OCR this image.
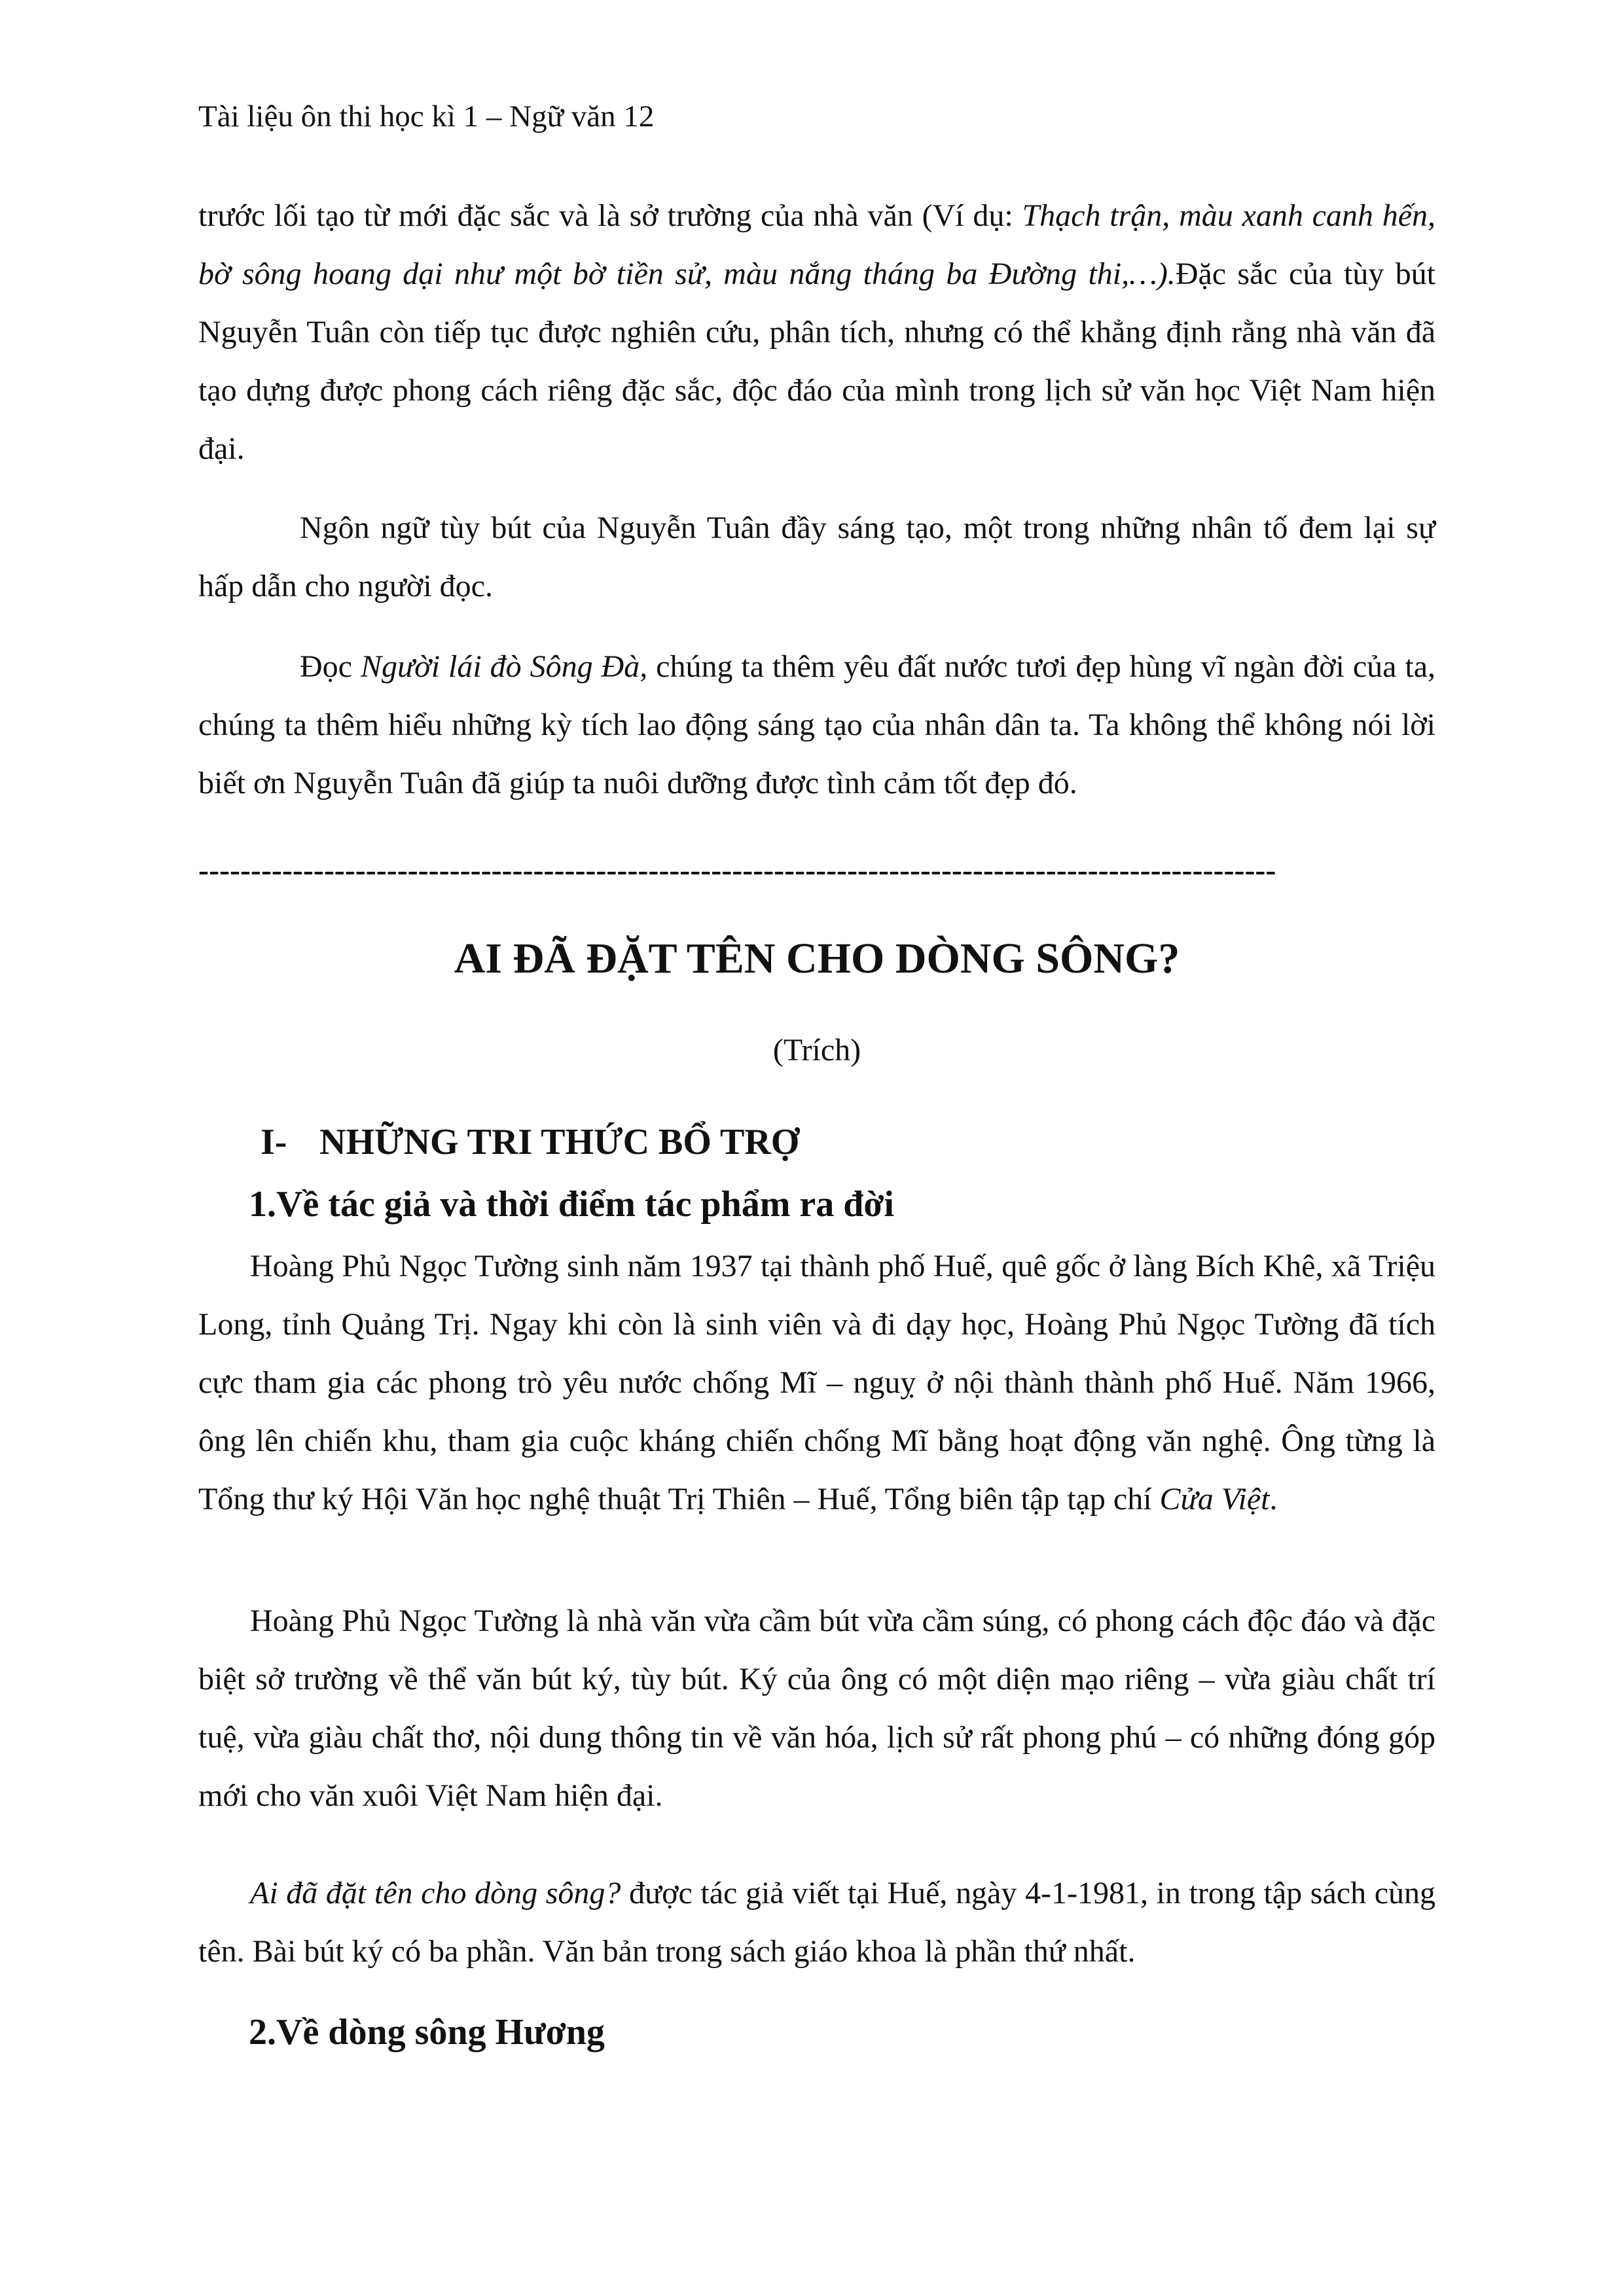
Tài liệu ôn thi học kì 1 – Ngữ văn 12

trước lối tạo từ mới đặc sắc và là sở trường của nhà văn (Ví dụ: Thạch trận, màu xanh canh hến, bờ sông hoang dại như một bờ tiền sử, màu nắng tháng ba Đường thi,…).Đặc sắc của tùy bút Nguyễn Tuân còn tiếp tục được nghiên cứu, phân tích, nhưng có thể khẳng định rằng nhà văn đã tạo dựng được phong cách riêng đặc sắc, độc đáo của mình trong lịch sử văn học Việt Nam hiện đại.

Ngôn ngữ tùy bút của Nguyễn Tuân đầy sáng tạo, một trong những nhân tố đem lại sự hấp dẫn cho người đọc.

Đọc Người lái đò Sông Đà, chúng ta thêm yêu đất nước tươi đẹp hùng vĩ ngàn đời của ta, chúng ta thêm hiểu những kỳ tích lao động sáng tạo của nhân dân ta. Ta không thể không nói lời biết ơn Nguyễn Tuân đã giúp ta nuôi dưỡng được tình cảm tốt đẹp đó.

-------------------------------------------------------------------------------------------------------
AI ĐÃ ĐẶT TÊN CHO DÒNG SÔNG?

(Trích)

I- NHỮNG TRI THỨC BỔ TRỢ
1.Về tác giả và thời điểm tác phẩm ra đời

Hoàng Phủ Ngọc Tường sinh năm 1937 tại thành phố Huế, quê gốc ở làng Bích Khê, xã Triệu Long, tỉnh Quảng Trị. Ngay khi còn là sinh viên và đi dạy học, Hoàng Phủ Ngọc Tường đã tích cực tham gia các phong trò yêu nước chống Mĩ – nguỵ ở nội thành thành phố Huế. Năm 1966, ông lên chiến khu, tham gia cuộc kháng chiến chống Mĩ bằng hoạt động văn nghệ. Ông từng là Tổng thư ký Hội Văn học nghệ thuật Trị Thiên – Huế, Tổng biên tập tạp chí Cửa Việt.

Hoàng Phủ Ngọc Tường là nhà văn vừa cầm bút vừa cầm súng, có phong cách độc đáo và đặc biệt sở trường về thể văn bút ký, tùy bút. Ký của ông có một diện mạo riêng – vừa giàu chất trí tuệ, vừa giàu chất thơ, nội dung thông tin về văn hóa, lịch sử rất phong phú – có những đóng góp mới cho văn xuôi Việt Nam hiện đại.

Ai đã đặt tên cho dòng sông? được tác giả viết tại Huế, ngày 4-1-1981, in trong tập sách cùng tên. Bài bút ký có ba phần. Văn bản trong sách giáo khoa là phần thứ nhất.

2.Về dòng sông Hương
